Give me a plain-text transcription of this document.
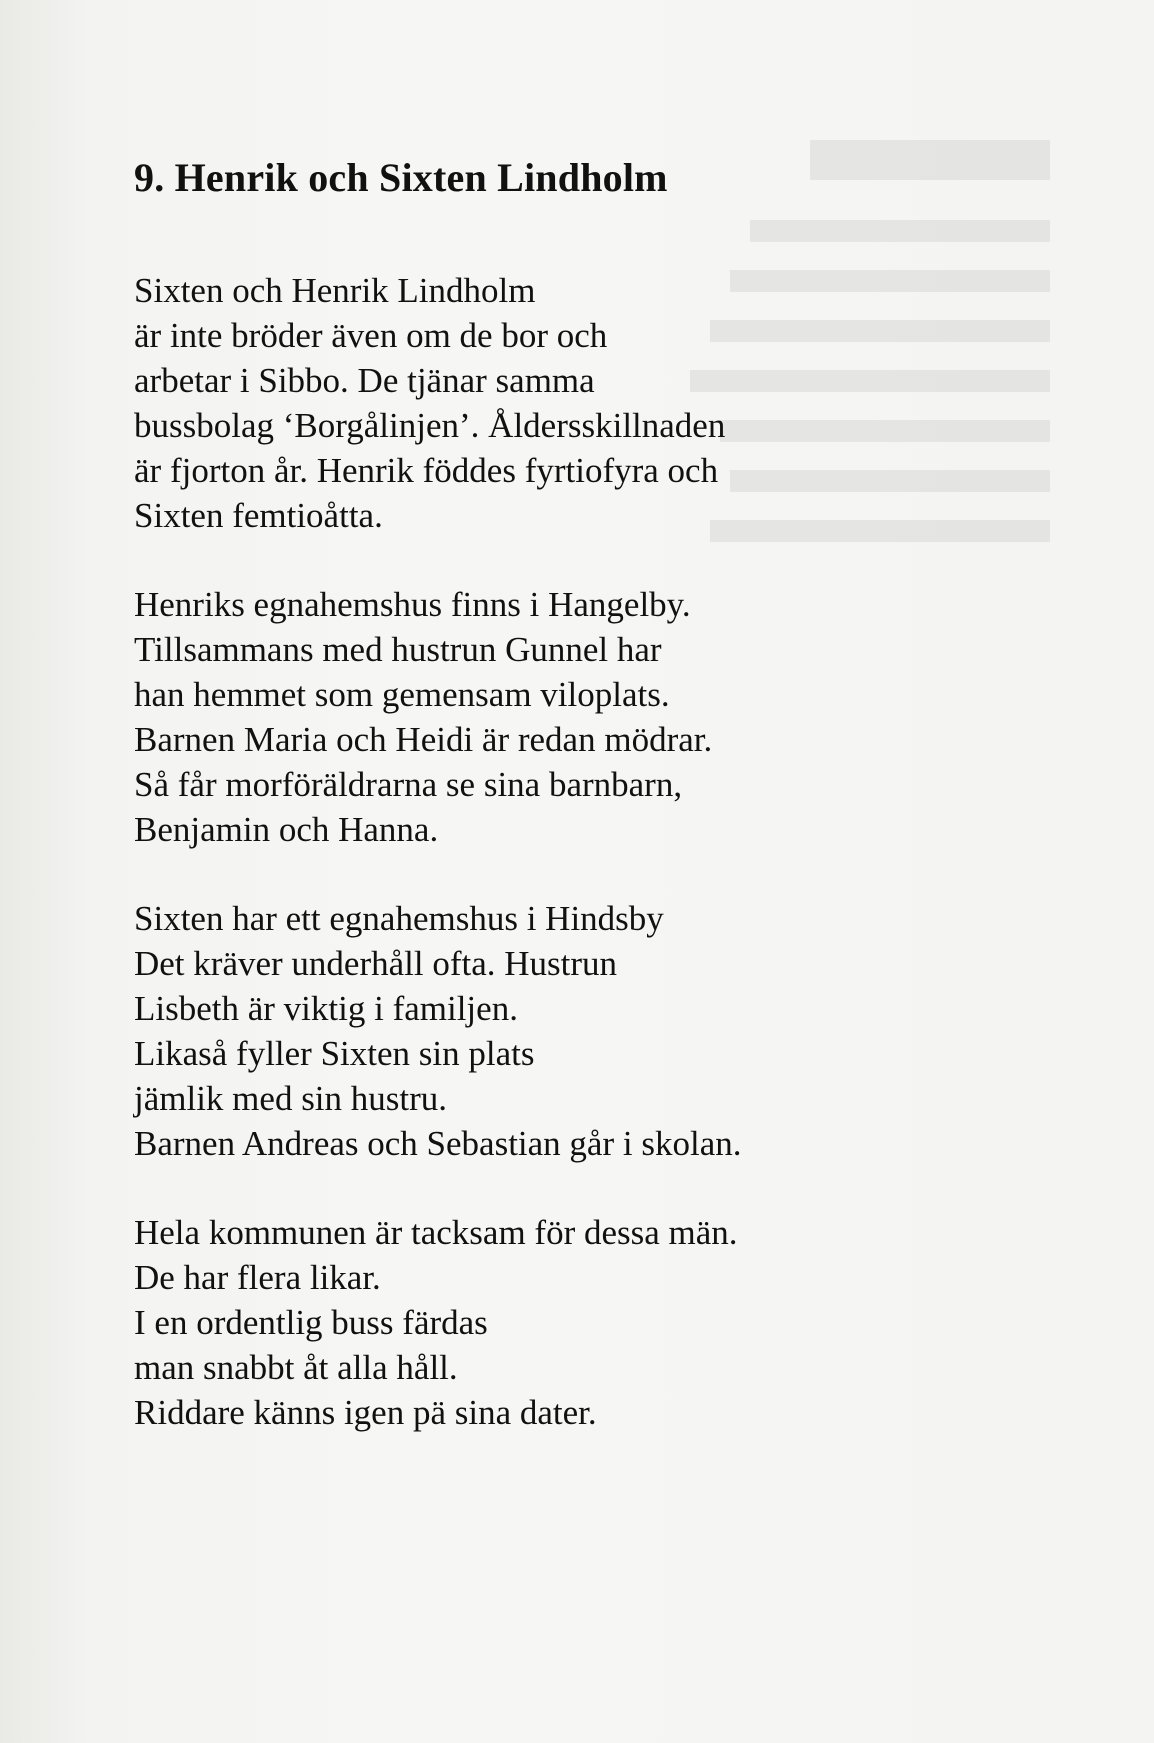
9. Henrik och Sixten Lindholm
Sixten och Henrik Lindholm
är inte bröder även om de bor och
arbetar i Sibbo. De tjänar samma
bussbolag ‘Borgålinjen’. Åldersskillnaden
är fjorton år. Henrik föddes fyrtiofyra och
Sixten femtioåtta.
Henriks egnahemshus finns i Hangelby.
Tillsammans med hustrun Gunnel har
han hemmet som gemensam viloplats.
Barnen Maria och Heidi är redan mödrar.
Så får morföräldrarna se sina barnbarn,
Benjamin och Hanna.
Sixten har ett egnahemshus i Hindsby
Det kräver underhåll ofta. Hustrun
Lisbeth är viktig i familjen.
Likaså fyller Sixten sin plats
jämlik med sin hustru.
Barnen Andreas och Sebastian går i skolan.
Hela kommunen är tacksam för dessa män.
De har flera likar.
I en ordentlig buss färdas
man snabbt åt alla håll.
Riddare känns igen pä sina dater.
